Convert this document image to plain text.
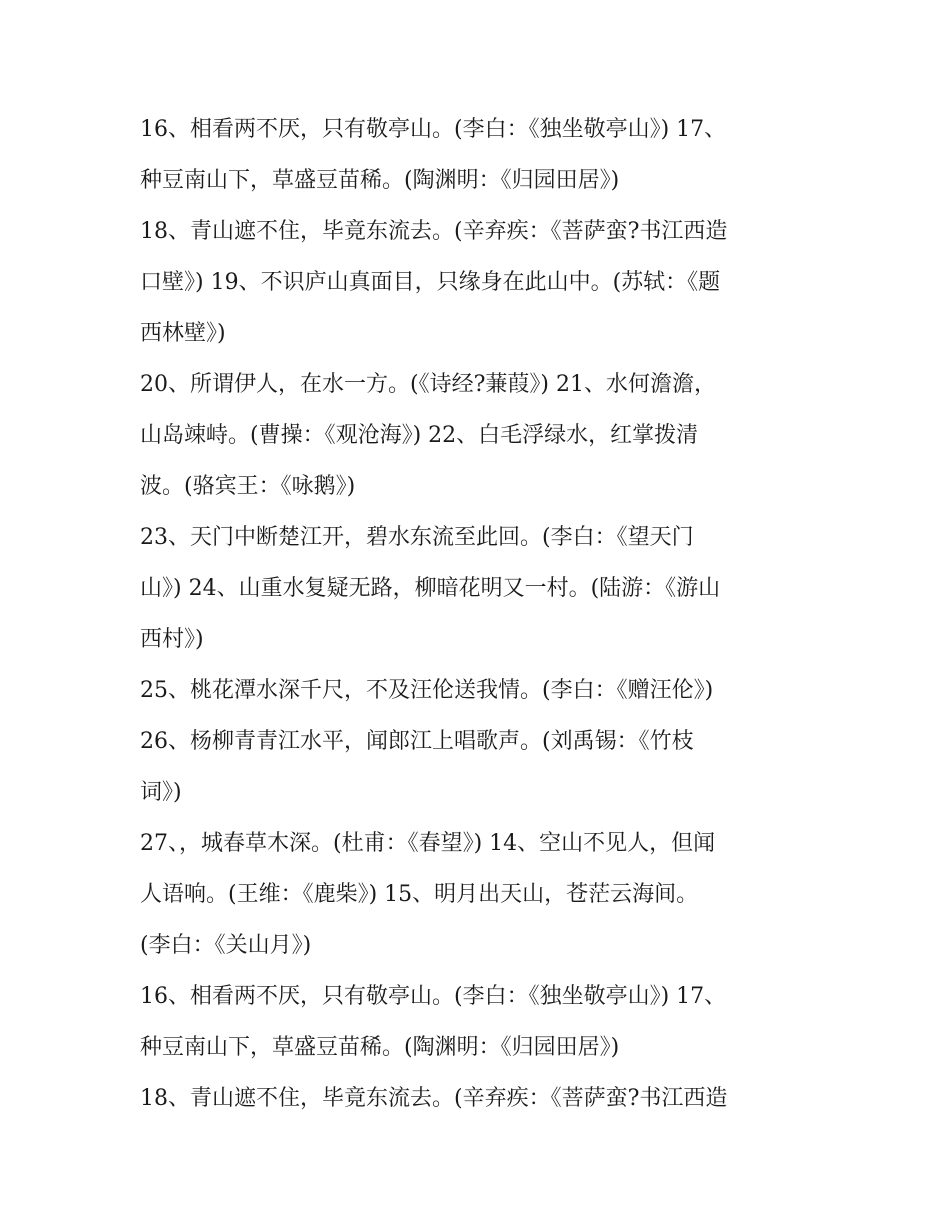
16、相看两不厌，只有敬亭山。(李白：《独坐敬亭山》) 17、
种豆南山下，草盛豆苗稀。(陶渊明：《归园田居》)
18、青山遮不住，毕竟东流去。(辛弃疾：《菩萨蛮?书江西造
口壁》) 19、不识庐山真面目，只缘身在此山中。(苏轼：《题
西林壁》)
20、所谓伊人，在水一方。(《诗经?蒹葭》) 21、水何澹澹，
山岛竦峙。(曹操：《观沧海》) 22、白毛浮绿水，红掌拨清
波。(骆宾王：《咏鹅》)
23、天门中断楚江开，碧水东流至此回。(李白：《望天门
山》) 24、山重水复疑无路，柳暗花明又一村。(陆游：《游山
西村》)
25、桃花潭水深千尺，不及汪伦送我情。(李白：《赠汪伦》)
26、杨柳青青江水平，闻郎江上唱歌声。(刘禹锡：《竹枝
词》)
27、，城春草木深。(杜甫：《春望》) 14、空山不见人，但闻
人语响。(王维：《鹿柴》) 15、明月出天山，苍茫云海间。
(李白：《关山月》)
16、相看两不厌，只有敬亭山。(李白：《独坐敬亭山》) 17、
种豆南山下，草盛豆苗稀。(陶渊明：《归园田居》)
18、青山遮不住，毕竟东流去。(辛弃疾：《菩萨蛮?书江西造
